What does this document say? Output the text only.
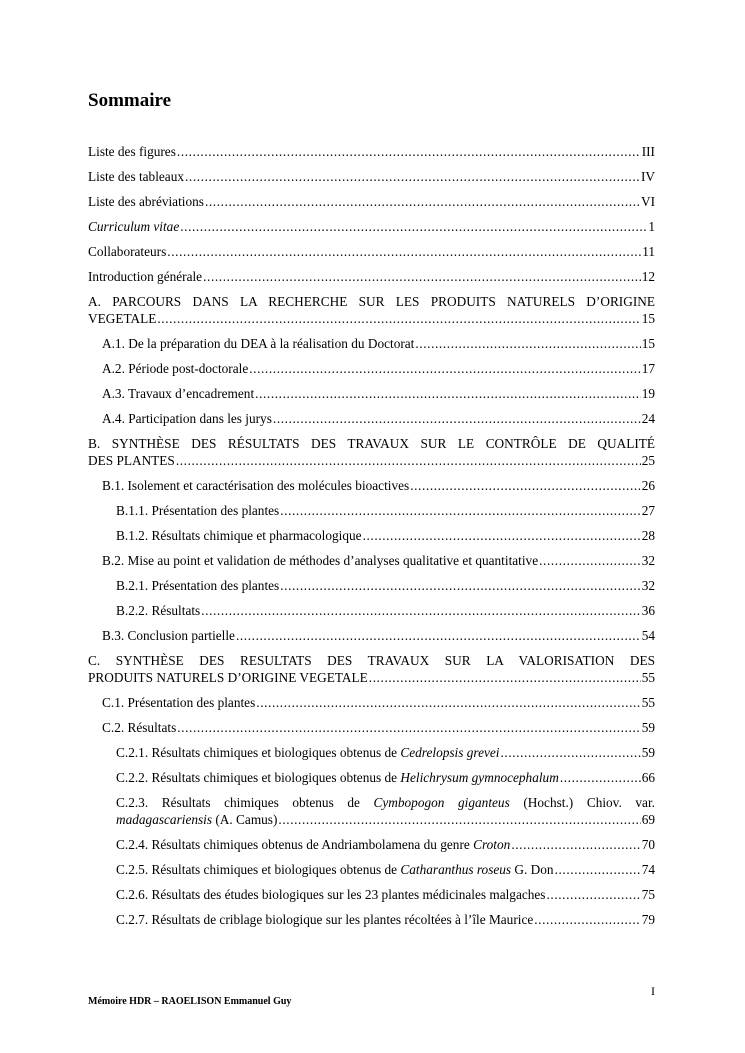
Sommaire
Liste des figures .....	III
Liste des tableaux .....	IV
Liste des abréviations .....	VI
Curriculum vitae .....	1
Collaborateurs .....	11
Introduction générale .....	12
A. PARCOURS DANS LA RECHERCHE SUR LES PRODUITS NATURELS D’ORIGINE
VEGETALE .....	15
A.1. De la préparation du DEA à la réalisation du Doctorat .....	15
A.2. Période post-doctorale .....	17
A.3. Travaux d’encadrement .....	19
A.4. Participation dans les jurys .....	24
B. SYNTHÈSE DES RÉSULTATS DES TRAVAUX SUR LE CONTRÔLE DE QUALITÉ
DES PLANTES .....	25
B.1. Isolement et caractérisation des molécules bioactives .....	26
B.1.1. Présentation des plantes .....	27
B.1.2. Résultats chimique et pharmacologique .....	28
B.2. Mise au point et validation de méthodes d’analyses qualitative et quantitative .....	32
B.2.1. Présentation des plantes .....	32
B.2.2. Résultats .....	36
B.3. Conclusion partielle .....	54
C. SYNTHÈSE DES RESULTATS DES TRAVAUX SUR LA VALORISATION DES
PRODUITS NATURELS D’ORIGINE VEGETALE .....	55
C.1. Présentation des plantes .....	55
C.2. Résultats .....	59
C.2.1. Résultats chimiques et biologiques obtenus de Cedrelopsis grevei .....	59
C.2.2. Résultats chimiques et biologiques obtenus de Helichrysum gymnocephalum .....	66
C.2.3. Résultats chimiques obtenus de Cymbopogon giganteus (Hochst.) Chiov. var.
madagascariensis (A. Camus) .....	69
C.2.4. Résultats chimiques obtenus de Andriambolamena du genre Croton .....	70
C.2.5. Résultats chimiques et biologiques obtenus de Catharanthus roseus G. Don .....	74
C.2.6. Résultats des études biologiques sur les 23 plantes médicinales malgaches .....	75
C.2.7. Résultats de criblage biologique sur les plantes récoltées à l’île Maurice .....	79
I
Mémoire HDR – RAOELISON Emmanuel Guy
